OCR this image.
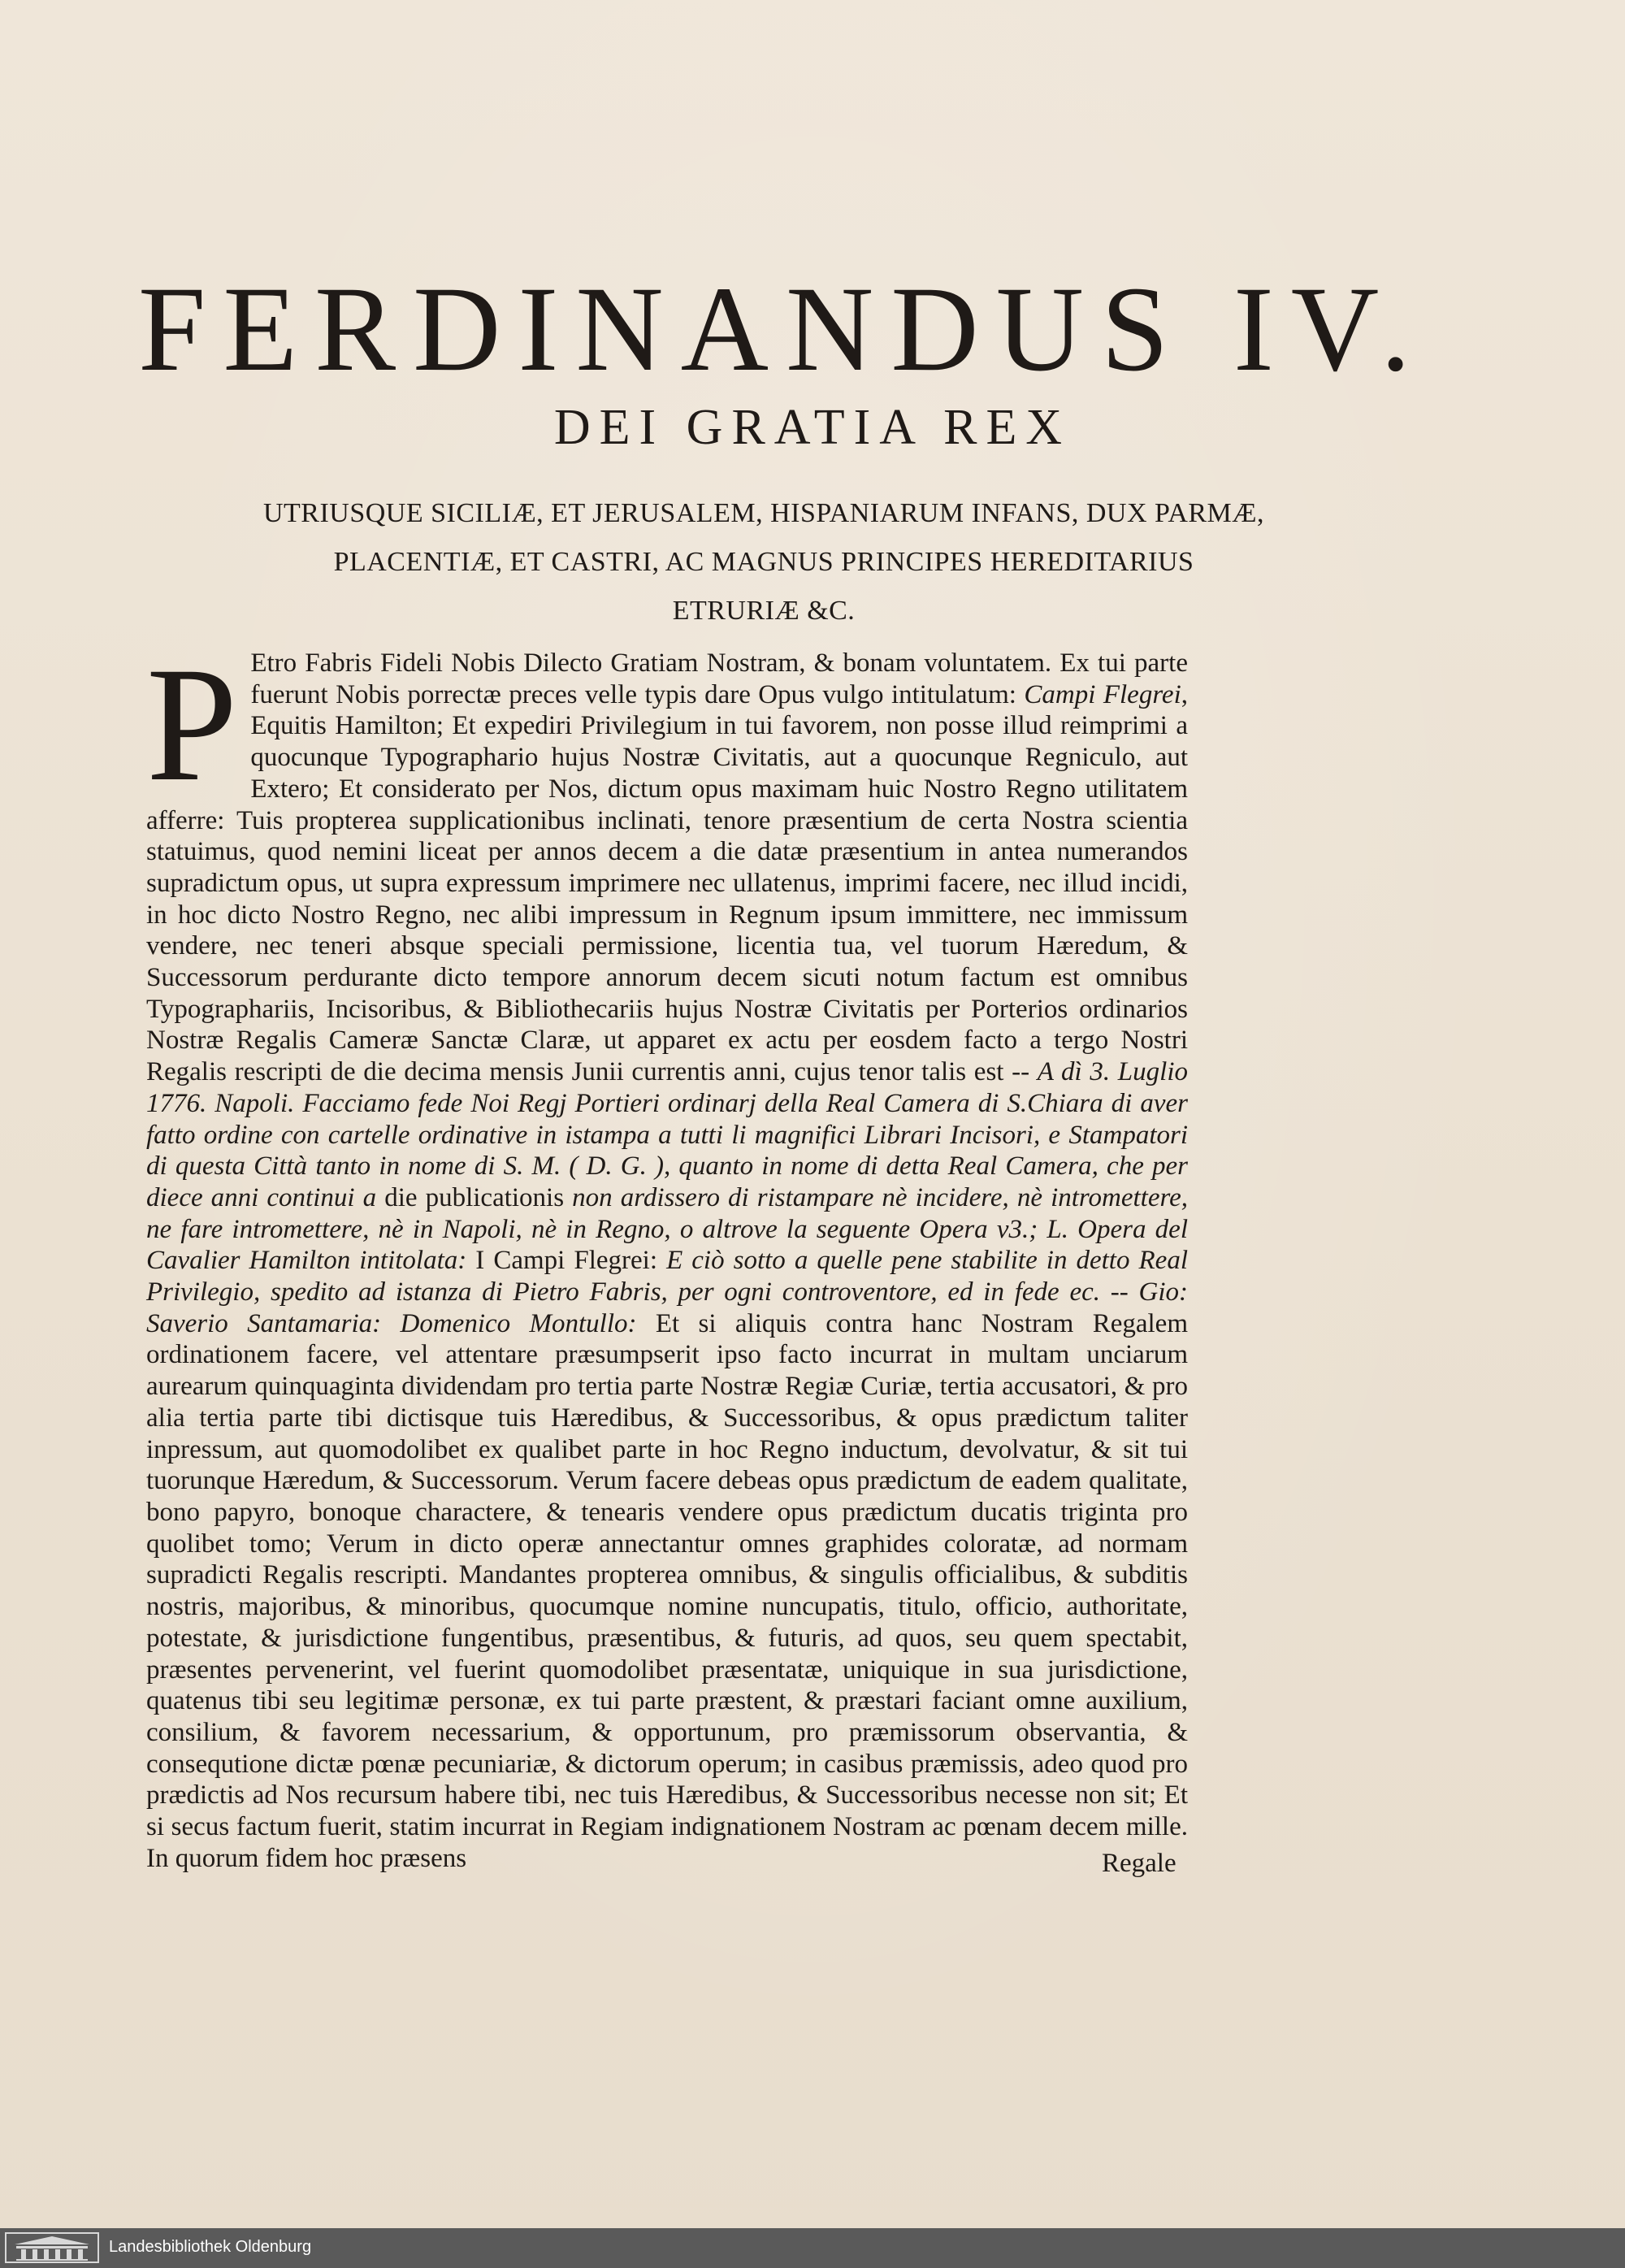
FERDINANDUS IV.
DEI GRATIA REX
UTRIUSQUE SICILIÆ, ET JERUSALEM, HISPANIARUM INFANS, DUX PARMÆ,
PLACENTIÆ, ET CASTRI, AC MAGNUS PRINCIPES HEREDITARIUS
ETRURIÆ &C.

P Etro Fabris Fideli Nobis Dilecto Gratiam Nostram, & bonam voluntatem. Ex tui parte fuerunt Nobis porrectæ preces velle typis dare Opus vulgo intitulatum: Campi Flegrei, Equitis Hamilton; Et expediri Privilegium in tui favorem, non posse illud reimprimi a quocunque Typographario hujus Nostræ Civitatis, aut a quocunque Regniculo, aut Extero; Et considerato per Nos, dictum opus maximam huic Nostro Regno utilitatem afferre: Tuis propterea supplicationibus inclinati, tenore præsentium de certa Nostra scientia statuimus, quod nemini liceat per annos decem a die datæ præsentium in antea numerandos supradictum opus, ut supra expressum imprimere nec ullatenus, imprimi facere, nec illud incidi, in hoc dicto Nostro Regno, nec alibi impressum in Regnum ipsum immittere, nec immissum vendere, nec teneri absque speciali permissione, licentia tua, vel tuorum Hæredum, & Successorum perdurante dicto tempore annorum decem sicuti notum factum est omnibus Typographariis, Incisoribus, & Bibliothecariis hujus Nostræ Civitatis per Porterios ordinarios Nostræ Regalis Cameræ Sanctæ Claræ, ut apparet ex actu per eosdem facto a tergo Nostri Regalis rescripti de die decima mensis Junii currentis anni, cujus tenor talis est -- A dì 3. Luglio 1776. Napoli. Facciamo fede Noi Regj Portieri ordinarj della Real Camera di S.Chiara di aver fatto ordine con cartelle ordinative in istampa a tutti li magnifici Librari Incisori, e Stampatori di questa Città tanto in nome di S. M. ( D. G. ), quanto in nome di detta Real Camera, che per diece anni continui a die publicationis non ardissero di ristampare nè incidere, nè intromettere, ne fare intromettere, nè in Napoli, nè in Regno, o altrove la seguente Opera v3.; L. Opera del Cavalier Hamilton intitolata: I Campi Flegrei: E ciò sotto a quelle pene stabilite in detto Real Privilegio, spedito ad istanza di Pietro Fabris, per ogni controventore, ed in fede ec. -- Gio: Saverio Santamaria: Domenico Montullo: Et si aliquis contra hanc Nostram Regalem ordinationem facere, vel attentare præsumpserit ipso facto incurrat in multam unciarum aurearum quinquaginta dividendam pro tertia parte Nostræ Regiæ Curiæ, tertia accusatori, & pro alia tertia parte tibi dictisque tuis Hæredibus, & Successoribus, & opus prædictum taliter inpressum, aut quomodolibet ex qualibet parte in hoc Regno inductum, devolvatur, & sit tui tuorunque Hæredum, & Successorum. Verum facere debeas opus prædictum de eadem qualitate, bono papyro, bonoque charactere, & tenearis vendere opus prædictum ducatis triginta pro quolibet tomo; Verum in dicto operæ annectantur omnes graphides coloratæ, ad normam supradicti Regalis rescripti. Mandantes propterea omnibus, & singulis officialibus, & subditis nostris, majoribus, & minoribus, quocumque nomine nuncupatis, titulo, officio, authoritate, potestate, & jurisdictione fungentibus, præsentibus, & futuris, ad quos, seu quem spectabit, præsentes pervenerint, vel fuerint quomodolibet præsentatæ, uniquique in sua jurisdictione, quatenus tibi seu legitimæ personæ, ex tui parte præstent, & præstari faciant omne auxilium, consilium, & favorem necessarium, & opportunum, pro præmissorum observantia, & consequtione dictæ pœnæ pecuniariæ, & dictorum operum; in casibus præmissis, adeo quod pro prædictis ad Nos recursum habere tibi, nec tuis Hæredibus, & Successoribus necesse non sit; Et si secus factum fuerit, statim incurrat in Regiam indignationem Nostram ac pœnam decem mille. In quorum fidem hoc præsens	Regale
Landesbibliothek Oldenburg
